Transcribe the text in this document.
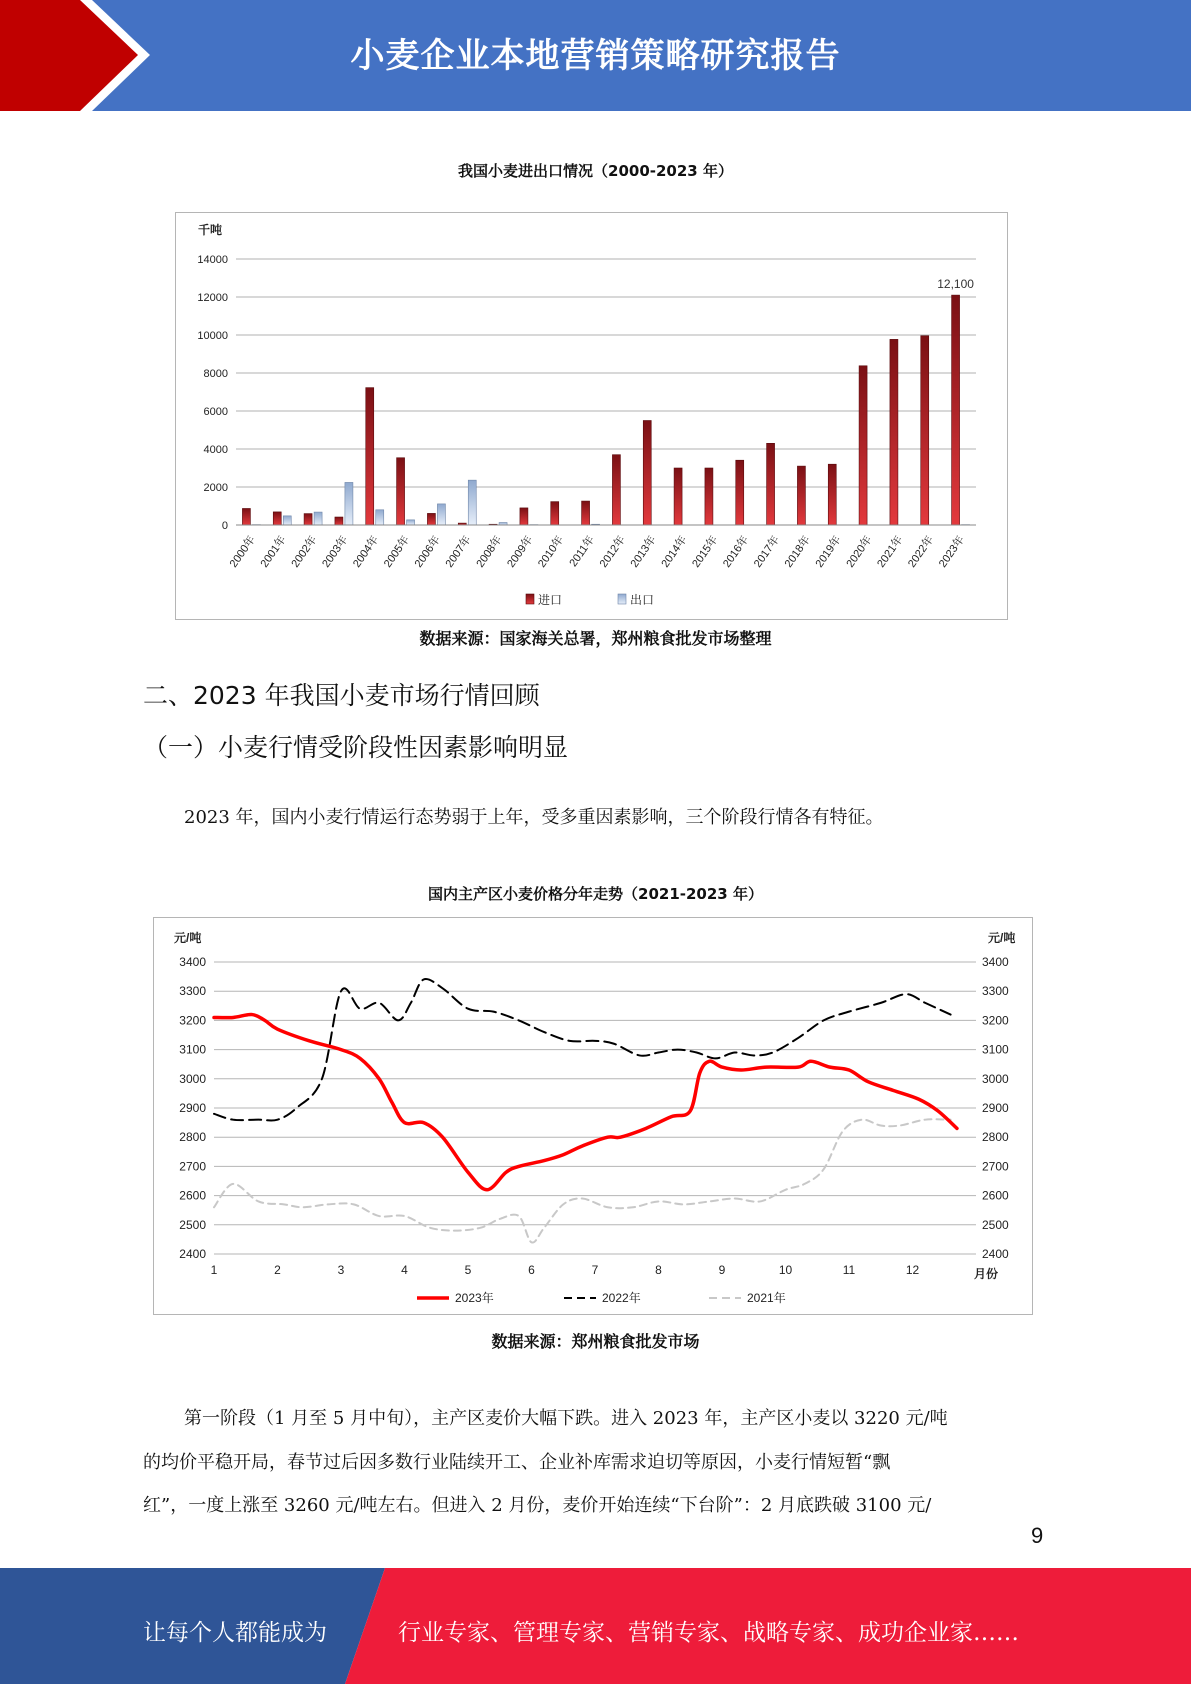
小麦企业本地营销策略研究报告
我国小麦进出口情况（2000-2023 年）
千吨
0
2000
4000
6000
8000
10000
12000
14000
2000年 2001年 2002年 2003年 2004年 2005年 2006年 2007年 2008年 2009年 2010年 2011年 2012年 2013年 2014年 2015年 2016年 2017年 2018年 2019年 2020年 2021年 2022年 2023年
12,100
进口	出口
数据来源：国家海关总署，郑州粮食批发市场整理
二、2023 年我国小麦市场行情回顾
（一）小麦行情受阶段性因素影响明显
2023 年，国内小麦行情运行态势弱于上年，受多重因素影响，三个阶段行情各有特征。
国内主产区小麦价格分年走势（2021-2023 年）
元/吨	元/吨
2400	2400
2500	2500
2600	2600
2700	2700
2800	2800
2900	2900
3000	3000
3100	3100
3200	3200
3300	3300
3400	3400
1	2	3	4	5	6	7	8	9	10	11	12	月份
2023年	2022年	2021年
数据来源：郑州粮食批发市场
第一阶段（1 月至 5 月中旬），主产区麦价大幅下跌。进入 2023 年，主产区小麦以 3220 元/吨
的均价平稳开局，春节过后因多数行业陆续开工、企业补库需求迫切等原因，小麦行情短暂“飘
红”，一度上涨至 3260 元/吨左右。但进入 2 月份，麦价开始连续“下台阶”：2 月底跌破 3100 元/
9
让每个人都能成为	行业专家、管理专家、营销专家、战略专家、成功企业家……
